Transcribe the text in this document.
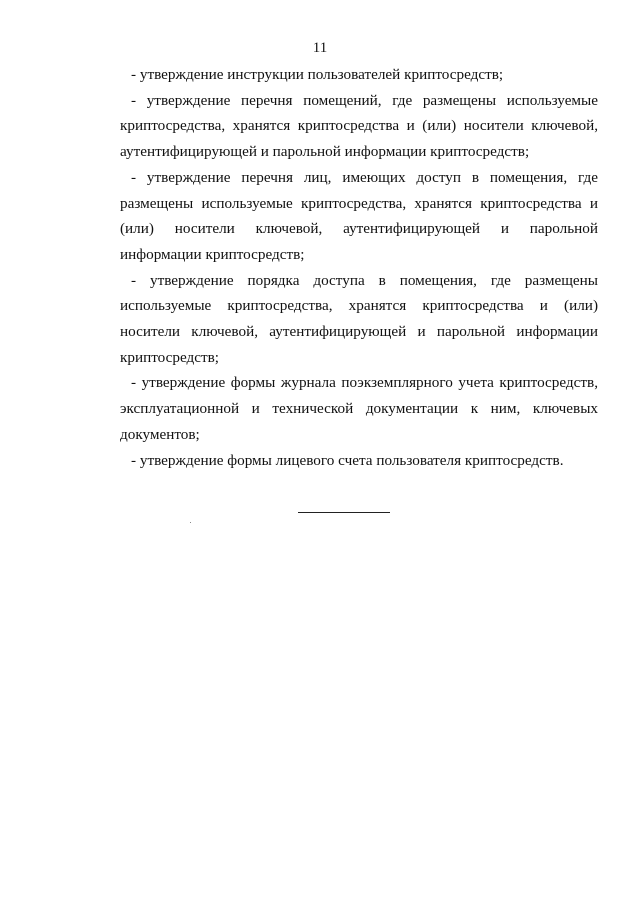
11

- утверждение инструкции пользователей криптосредств;

- утверждение перечня помещений, где размещены используемые криптосредства, хранятся криптосредства и (или) носители ключевой, аутентифицирующей и парольной информации криптосредств;

- утверждение перечня лиц, имеющих доступ в помещения, где размещены используемые криптосредства, хранятся криптосредства и (или) носители ключевой, аутентифицирующей и парольной информации криптосредств;

- утверждение порядка доступа в помещения, где размещены используемые криптосредства, хранятся криптосредства и (или) носители ключевой, аутентифицирующей и парольной информации криптосредств;

- утверждение формы журнала поэкземплярного учета криптосредств, эксплуатационной и технической документации к ним, ключевых документов;

- утверждение формы лицевого счета пользователя криптосредств.
